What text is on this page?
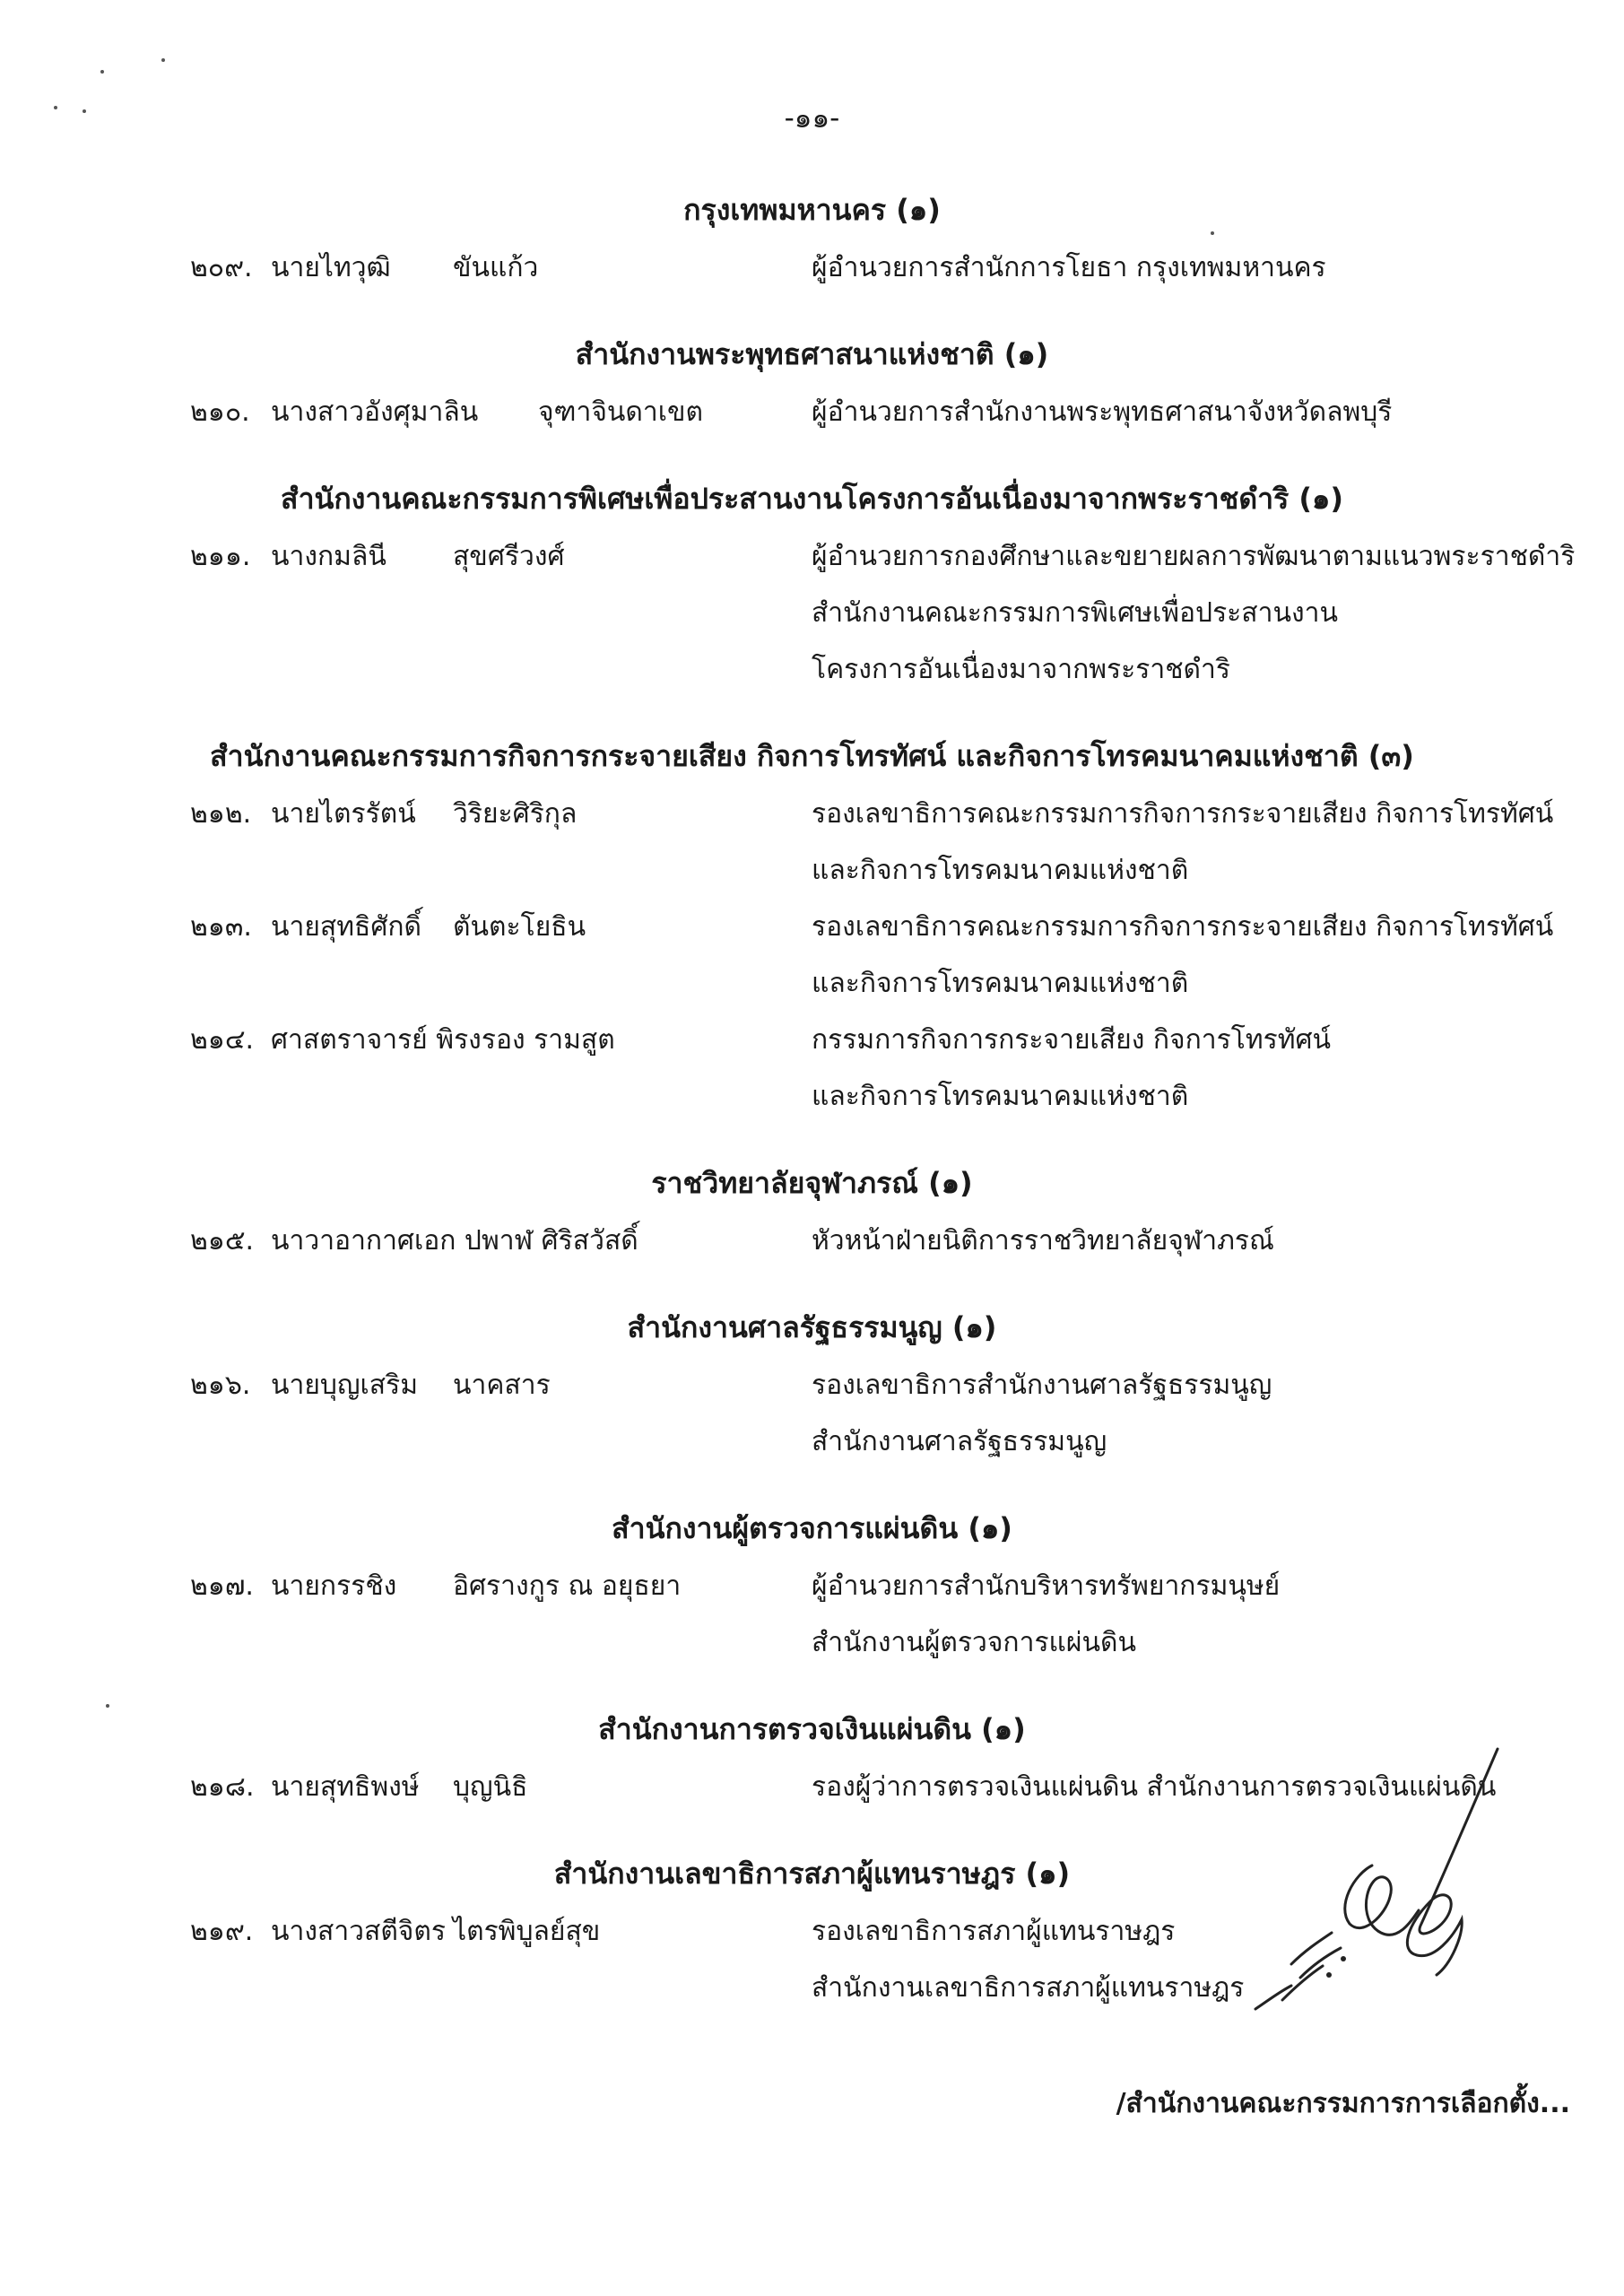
-๑๑-
กรุงเทพมหานคร (๑)
๒๐๙. นายไทวุฒิ ขันแก้ว	ผู้อำนวยการสำนักการโยธา กรุงเทพมหานคร
สำนักงานพระพุทธศาสนาแห่งชาติ (๑)
๒๑๐. นางสาวอังศุมาลิน จุฑาจินดาเขต	ผู้อำนวยการสำนักงานพระพุทธศาสนาจังหวัดลพบุรี
สำนักงานคณะกรรมการพิเศษเพื่อประสานงานโครงการอันเนื่องมาจากพระราชดำริ (๑)
๒๑๑. นางกมลินี สุขศรีวงศ์	ผู้อำนวยการกองศึกษาและขยายผลการพัฒนาตามแนวพระราชดำริ
สำนักงานคณะกรรมการพิเศษเพื่อประสานงาน
โครงการอันเนื่องมาจากพระราชดำริ
สำนักงานคณะกรรมการกิจการกระจายเสียง กิจการโทรทัศน์ และกิจการโทรคมนาคมแห่งชาติ (๓)
๒๑๒. นายไตรรัตน์ วิริยะศิริกุล	รองเลขาธิการคณะกรรมการกิจการกระจายเสียง กิจการโทรทัศน์
และกิจการโทรคมนาคมแห่งชาติ
๒๑๓. นายสุทธิศักดิ์ ตันตะโยธิน	รองเลขาธิการคณะกรรมการกิจการกระจายเสียง กิจการโทรทัศน์
และกิจการโทรคมนาคมแห่งชาติ
๒๑๔. ศาสตราจารย์ พิรงรอง รามสูต	กรรมการกิจการกระจายเสียง กิจการโทรทัศน์
และกิจการโทรคมนาคมแห่งชาติ
ราชวิทยาลัยจุฬาภรณ์ (๑)
๒๑๕. นาวาอากาศเอก ปพาฬ ศิริสวัสดิ์	หัวหน้าฝ่ายนิติการราชวิทยาลัยจุฬาภรณ์
สำนักงานศาลรัฐธรรมนูญ (๑)
๒๑๖. นายบุญเสริม นาคสาร	รองเลขาธิการสำนักงานศาลรัฐธรรมนูญ
สำนักงานศาลรัฐธรรมนูญ
สำนักงานผู้ตรวจการแผ่นดิน (๑)
๒๑๗. นายกรรชิง อิศรางกูร ณ อยุธยา	ผู้อำนวยการสำนักบริหารทรัพยากรมนุษย์
สำนักงานผู้ตรวจการแผ่นดิน
สำนักงานการตรวจเงินแผ่นดิน (๑)
๒๑๘. นายสุทธิพงษ์ บุญนิธิ	รองผู้ว่าการตรวจเงินแผ่นดิน สำนักงานการตรวจเงินแผ่นดิน
สำนักงานเลขาธิการสภาผู้แทนราษฎร (๑)
๒๑๙. นางสาวสตีจิตร ไตรพิบูลย์สุข	รองเลขาธิการสภาผู้แทนราษฎร
สำนักงานเลขาธิการสภาผู้แทนราษฎร
/สำนักงานคณะกรรมการการเลือกตั้ง...
